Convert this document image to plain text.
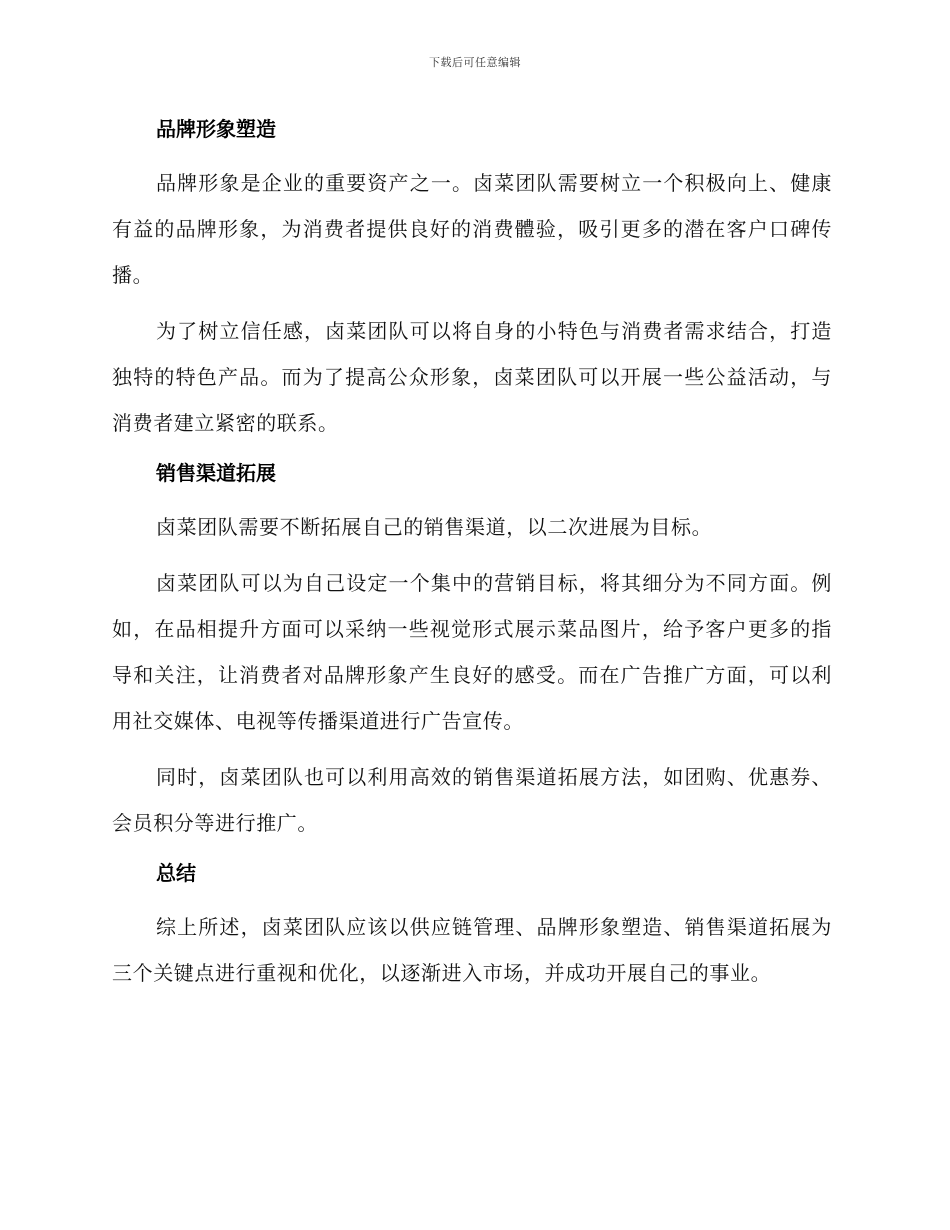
下载后可任意编辑
品牌形象塑造

品牌形象是企业的重要资产之一。卤菜团队需要树立一个积极向上、健康有益的品牌形象，为消费者提供良好的消费體验，吸引更多的潜在客户口碑传播。

为了树立信任感，卤菜团队可以将自身的小特色与消费者需求结合，打造独特的特色产品。而为了提高公众形象，卤菜团队可以开展一些公益活动，与消费者建立紧密的联系。

销售渠道拓展

卤菜团队需要不断拓展自己的销售渠道，以二次进展为目标。

卤菜团队可以为自己设定一个集中的营销目标，将其细分为不同方面。例如，在品相提升方面可以采纳一些视觉形式展示菜品图片，给予客户更多的指导和关注，让消费者对品牌形象产生良好的感受。而在广告推广方面，可以利用社交媒体、电视等传播渠道进行广告宣传。

同时，卤菜团队也可以利用高效的销售渠道拓展方法，如团购、优惠券、会员积分等进行推广。

总结

综上所述，卤菜团队应该以供应链管理、品牌形象塑造、销售渠道拓展为三个关键点进行重视和优化，以逐渐进入市场，并成功开展自己的事业。
